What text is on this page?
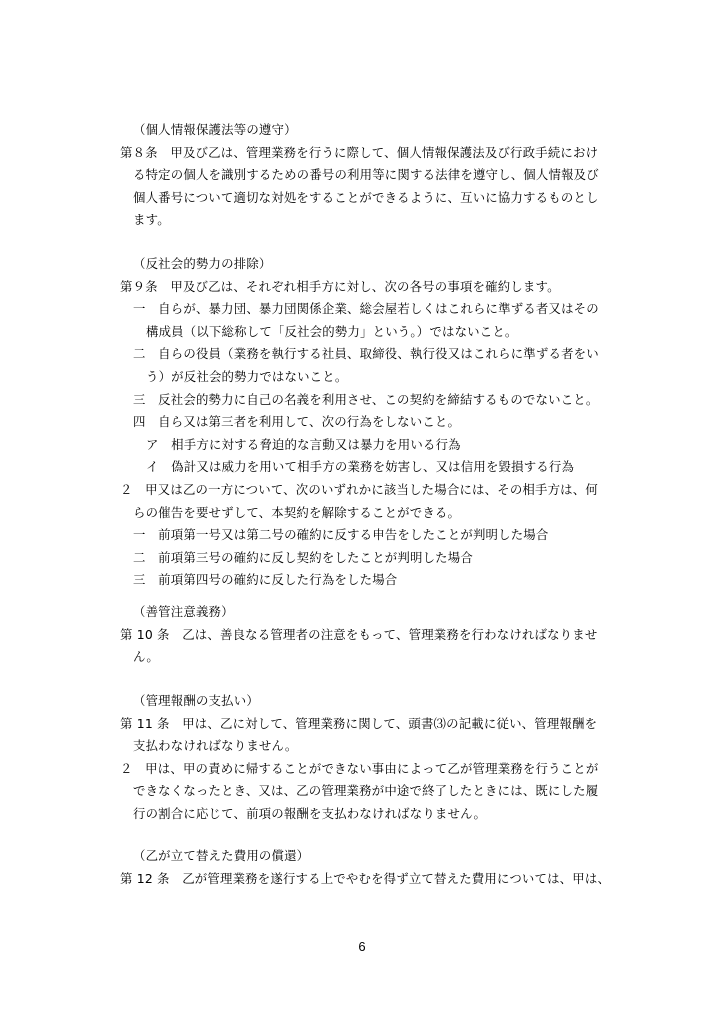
（個人情報保護法等の遵守）
第８条　甲及び乙は、管理業務を行うに際して、個人情報保護法及び行政手続におけ
る特定の個人を識別するための番号の利用等に関する法律を遵守し、個人情報及び
個人番号について適切な対処をすることができるように、互いに協力するものとし
ます。
（反社会的勢力の排除）
第９条　甲及び乙は、それぞれ相手方に対し、次の各号の事項を確約します。
一　自らが、暴力団、暴力団関係企業、総会屋若しくはこれらに準ずる者又はその
構成員（以下総称して「反社会的勢力」という。）ではないこと。
二　自らの役員（業務を執行する社員、取締役、執行役又はこれらに準ずる者をい
う）が反社会的勢力ではないこと。
三　反社会的勢力に自己の名義を利用させ、この契約を締結するものでないこと。
四　自ら又は第三者を利用して、次の行為をしないこと。
ア　相手方に対する脅迫的な言動又は暴力を用いる行為
イ　偽計又は威力を用いて相手方の業務を妨害し、又は信用を毀損する行為
２　甲又は乙の一方について、次のいずれかに該当した場合には、その相手方は、何
らの催告を要せずして、本契約を解除することができる。
一　前項第一号又は第二号の確約に反する申告をしたことが判明した場合
二　前項第三号の確約に反し契約をしたことが判明した場合
三　前項第四号の確約に反した行為をした場合
（善管注意義務）
第 10 条　乙は、善良なる管理者の注意をもって、管理業務を行わなければなりませ
ん。
（管理報酬の支払い）
第 11 条　甲は、乙に対して、管理業務に関して、頭書⑶の記載に従い、管理報酬を
支払わなければなりません。
２　甲は、甲の責めに帰することができない事由によって乙が管理業務を行うことが
できなくなったとき、又は、乙の管理業務が中途で終了したときには、既にした履
行の割合に応じて、前項の報酬を支払わなければなりません。
（乙が立て替えた費用の償還）
第 12 条　乙が管理業務を遂行する上でやむを得ず立て替えた費用については、甲は、
6
